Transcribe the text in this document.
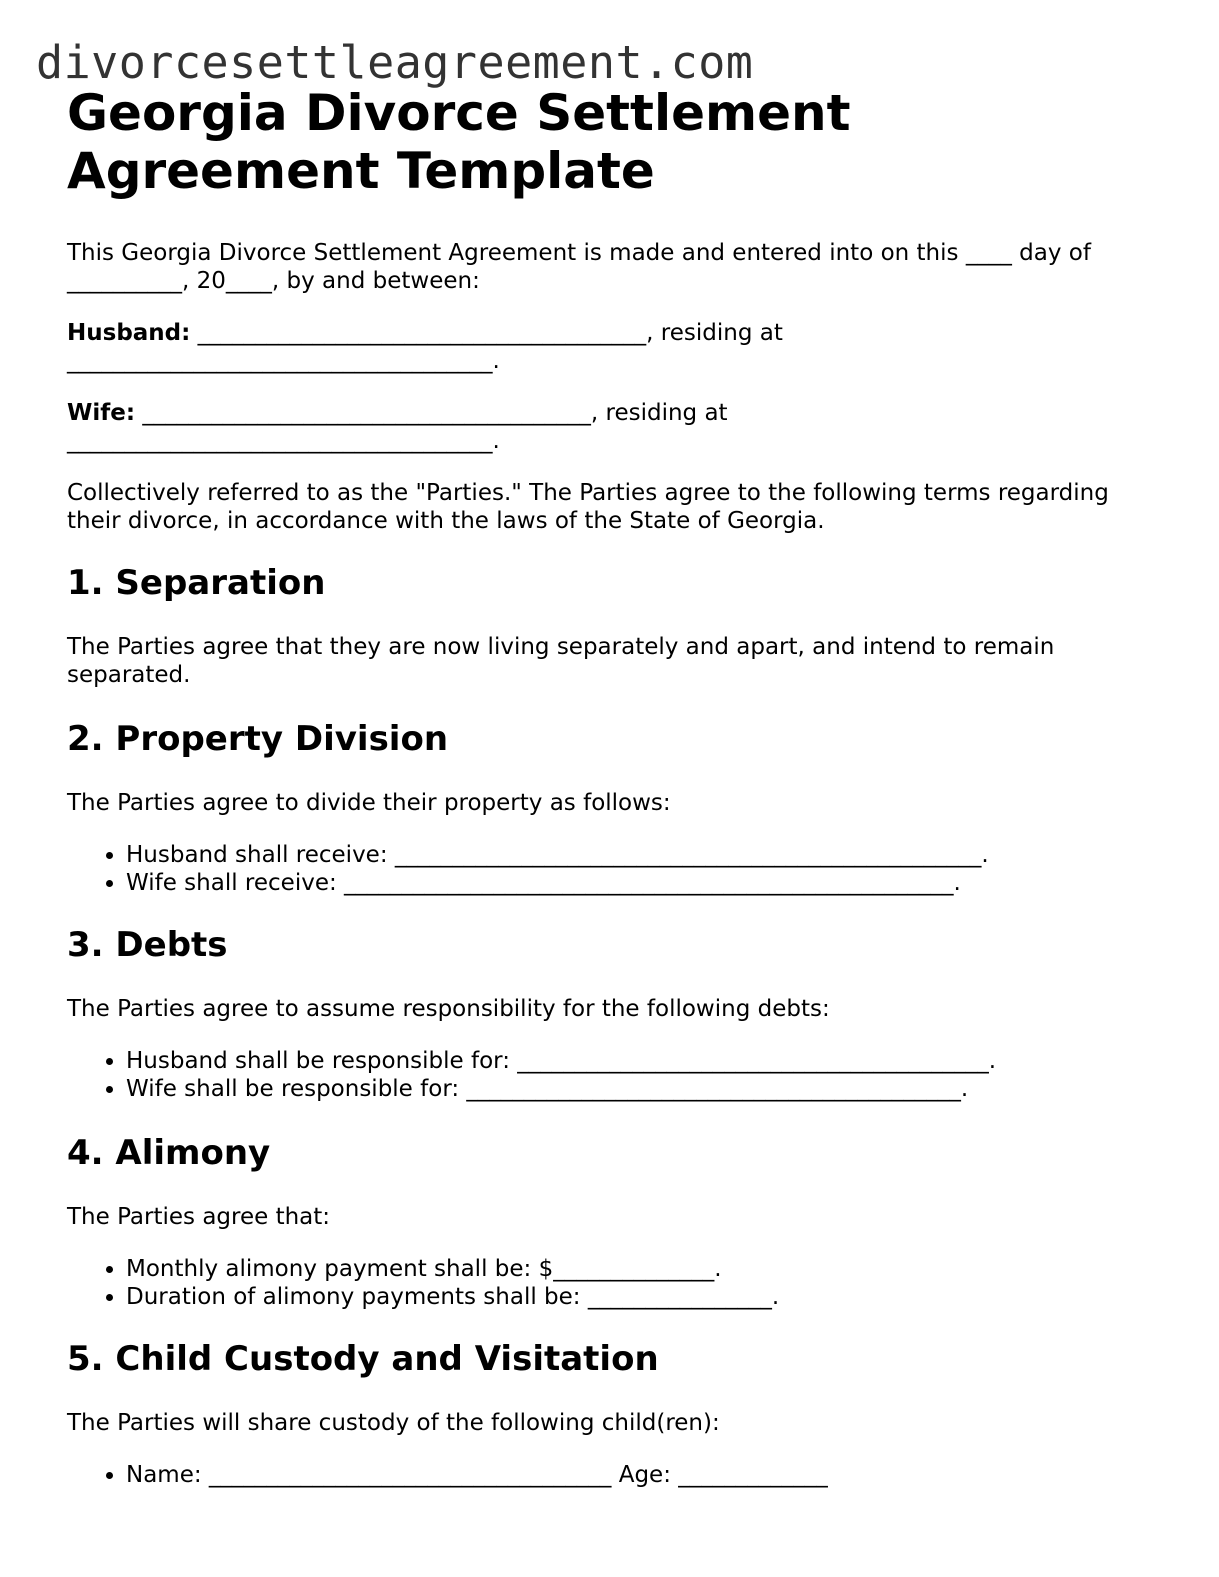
divorcesettleagreement.com
Georgia Divorce Settlement Agreement Template

This Georgia Divorce Settlement Agreement is made and entered into on this ____ day of __________, 20____, by and between:

Husband: _______________________________________, residing at
_____________________________________.

Wife: _______________________________________, residing at
_____________________________________.

Collectively referred to as the "Parties." The Parties agree to the following terms regarding their divorce, in accordance with the laws of the State of Georgia.

1. Separation

The Parties agree that they are now living separately and apart, and intend to remain separated.

2. Property Division

The Parties agree to divide their property as follows:

• Husband shall receive: ___________________________________________________.
• Wife shall receive: _____________________________________________________.
3. Debts

The Parties agree to assume responsibility for the following debts:

• Husband shall be responsible for: _________________________________________.
• Wife shall be responsible for: ___________________________________________.
4. Alimony

The Parties agree that:

• Monthly alimony payment shall be: $______________.
• Duration of alimony payments shall be: ________________.
5. Child Custody and Visitation

The Parties will share custody of the following child(ren):

• Name: ___________________________________ Age: _____________
